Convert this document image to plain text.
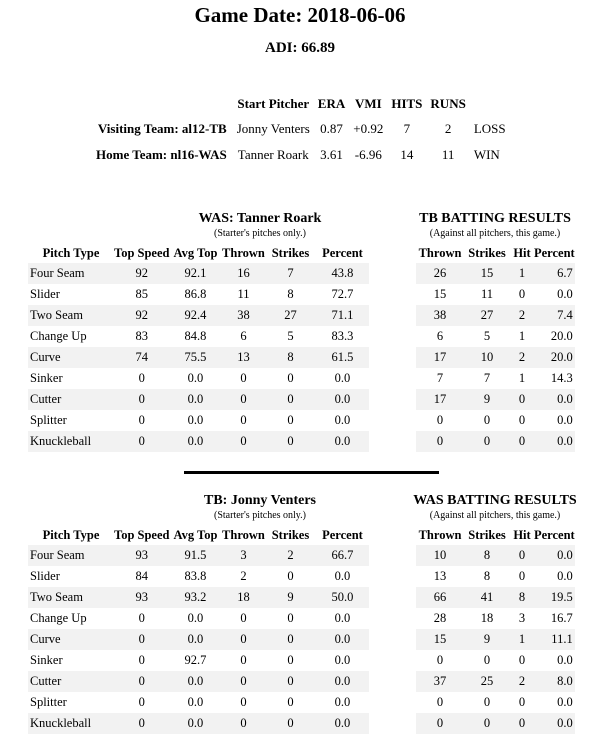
Game Date: 2018-06-06
ADI: 66.89
	Start Pitcher	ERA	VMI	HITS	RUNS	
Visiting Team: al12-TB	Jonny Venters	0.87	+0.92	7	2	LOSS
Home Team: nl16-WAS	Tanner Roark	3.61	-6.96	14	11	WIN
WAS: Tanner Roark
(Starter's pitches only.)
TB BATTING RESULTS
(Against all pitchers, this game.)
Pitch Type	Top Speed	Avg Top	Thrown	Strikes	Percent
Four Seam	92	92.1	16	7	43.8
Slider	85	86.8	11	8	72.7
Two Seam	92	92.4	38	27	71.1
Change Up	83	84.8	6	5	83.3
Curve	74	75.5	13	8	61.5
Sinker	0	0.0	0	0	0.0
Cutter	0	0.0	0	0	0.0
Splitter	0	0.0	0	0	0.0
Knuckleball	0	0.0	0	0	0.0
Thrown	Strikes	Hit	Percent
26	15	1	6.7
15	11	0	0.0
38	27	2	7.4
6	5	1	20.0
17	10	2	20.0
7	7	1	14.3
17	9	0	0.0
0	0	0	0.0
0	0	0	0.0
TB: Jonny Venters
(Starter's pitches only.)
WAS BATTING RESULTS
(Against all pitchers, this game.)
Pitch Type	Top Speed	Avg Top	Thrown	Strikes	Percent
Four Seam	93	91.5	3	2	66.7
Slider	84	83.8	2	0	0.0
Two Seam	93	93.2	18	9	50.0
Change Up	0	0.0	0	0	0.0
Curve	0	0.0	0	0	0.0
Sinker	0	92.7	0	0	0.0
Cutter	0	0.0	0	0	0.0
Splitter	0	0.0	0	0	0.0
Knuckleball	0	0.0	0	0	0.0
Thrown	Strikes	Hit	Percent
10	8	0	0.0
13	8	0	0.0
66	41	8	19.5
28	18	3	16.7
15	9	1	11.1
0	0	0	0.0
37	25	2	8.0
0	0	0	0.0
0	0	0	0.0
